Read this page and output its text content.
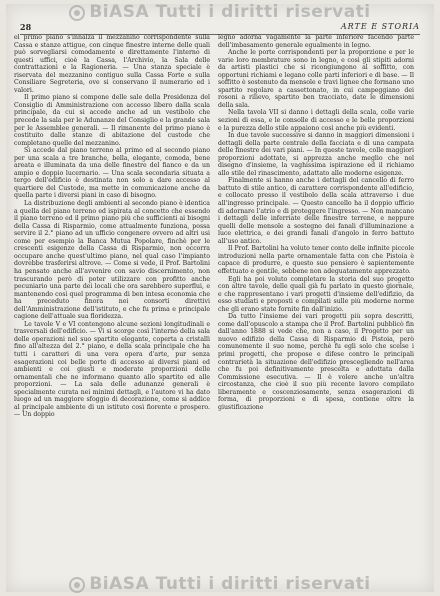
28	ARTE E STORIA

el primo piano s'innalza il mezzanino corrispondente sulla Cassa e stanze attigue, con cinque finestre interne delle quali può sorvegliarsi comodamente e direttamente l'interno di questi uffici, cioè la Cassa, l'Archivio, la Sala delle contrattazioni e la Ragioneria. — Una stanza speciale è riservata del mezzanino contiguo sulla Cassa Forte e sulla Consiliare Segreteria, ove si conservano il numerario ed i valori.

Il primo piano si compone delle sale della Presidenza del Consiglio di Amministrazione con accesso libero dalla scala principale, da cui si accede anche ad un vestibolo che precede la sala per le Adunanze del Consiglio e la grande sala per le Assemblee generali. — Il rimanente del primo piano è costituito dalle stanze di abitazione del custode che completano quelle del mezzanino.

Si accede dal piano terreno al primo ed al secondo piano per una scala a tre branche, bella, elegante, comoda, bene areata e illuminata da una delle finestre del fianco e da un ampio e doppio lucernario. — Una scala secondaria situata a tergo dell'edificio è destinata non solo a dare accesso al quartiere del Custode, ma mette in comunicazione anche da quella parte i diversi piani in caso di bisogno.

La distribuzione degli ambienti al secondo piano è identica a quella del piano terreno ed ispirata al concetto che essendo il piano terreno ed il primo piano più che sufficienti ai bisogni della Cassa di Risparmio, come attualmente funziona, possa servire il 2.° piano ad un ufficio congenere ovvero ad altri usi come per esempio la Banca Mutua Popolare, finchè per le crescenti esigenze della Cassa di Risparmio, non occorra occupare anche quest'ultimo piano, nel qual caso l'impianto dovrebbe trasferirsi altrove. — Come si vede, il Prof. Bartolini ha pensato anche all'avvenire con savio discernimento, non trascurando però di poter utilizzare con profitto anche pecuniario una parte dei locali che ora sarebbero superflui, e mantenendo così quel programma di ben intesa economia che ha preceduto finora nei consorti direttivi dell'Amministrazione dell'istituto, e che fu prima e principale cagione dell'attuale sua floridezza.

Le tavole V e VI contengono alcune sezioni longitudinali e trasversali dell'edificio. — Vi si scorge così l'interno della sala delle operazioni nel suo spartito elegante, coperta a cristalli fino all'altezza del 2.° piano, e della scala principale che ha tutti i caratteri di una vera opera d'arte, pur senza esagerazioni coi belle porte di accesso ai diversi piani ed ambienti e coi giusti e moderate proporzioni delle ornamentali che ne informano quanto allo spartito ed alle proporzioni. — La sala delle adunanze generali è specialmente curata nei minimi dettagli, e l'autore vi ha dato luogo ad un maggiore sfoggio di decorazione, come si addice al principale ambiente di un istituto così fiorente e prospero. — Un doppio

legno adorna vagamente la parte inferiore facendo parte dell'imbasamento generale egualmente in legno.

Anche le porte corrispondenti per la proporzione e per le varie loro membrature sono in legno, e così gli stipiti adorni da artisti plastici che si ricongiungono al soffitto, con opportuni richiami e legano colle parti inferiori e di base. — Il soffitto è sostenuto da mensole e travi lignee che formano uno spartito regolare a cassettonato, in cui campeggiano dei rosoni a rilievo, spartito ben tracciato, date le dimensioni della sala.

Nella tavola VII si danno i dettagli della scala, colle varie sezioni di essa, e le consolle di accesso e le belle proporzioni e la purezza dello stile appaiono così anche più evidenti.

In due tavole successive si danno in maggiori dimensioni i dettagli della parte centrale della facciata e di una campata delle finestre dei vari piani. — In queste tavole, colle maggiori proporzioni adottate, si apprezza anche meglio che nel disegno d'insieme, la vaghissima ispirazione ed il richiamo allo stile del rinascimento, adattato alle moderne esigenze.

Finalmente si hanno anche i dettagli del cancello di ferro battuto di stile antico, di carattere corrispondente all'edificio, e collocato presso il vestibolo della scala attraverso i due all'ingresso principale. — Questo cancello ha il doppio ufficio di adornare l'atrio e di proteggere l'ingresso. — Non mancano i dettagli delle inferriate delle finestre terrene, e neppure quelli delle mensole a sostegno dei fanali d'illuminazione a luce elettrica, e dei grandi fanali d'angolo in ferro battuto all'uso antico.

Il Prof. Bartolini ha voluto tener conto delle infinite piccole introduzioni nella parte ornamentale fatta con che Pistoia è capace di produrre, e questo suo pensiero è sapientemente effettuato e gentile, sebbene non adeguatamente apprezzato.

Egli ha poi voluto completare la storia del suo progetto con altre tavole, delle quali già fu parlato in questo giornale, e che rappresentano i vari progetti d'insieme dell'edifizio, da esso studiati e proposti e compilati sulle più moderne norme che gli erano state fornite fin dall'inizio.

Da tutto l'insieme dei vari progetti più sopra descritti, come dall'opuscolo a stampa che il Prof. Bartolini pubblicò fin dall'anno 1888 si vede che, non a caso, il Progetto per un nuovo edifizio della Cassa di Risparmio di Pistoia, però comunemente il suo nome, perchè fu egli solo che scelse i primi progetti, che propose e difese contro le principali contrarietà la situazione dell'edifizio prescegliendo nell'area che fu poi definitivamente prescelta e adottata dalla Commissione esecutiva. — Il è volere anche un'altra circostanza, che cioè il suo più recente lavoro compilato liberamente e coscenziosamente, senza esagerazioni di forma, di proporzioni e di spesa, contiene oltre la giustificazione

BiASA Tutti i diritti riservati
BiASA Tutti i diritti riservati
